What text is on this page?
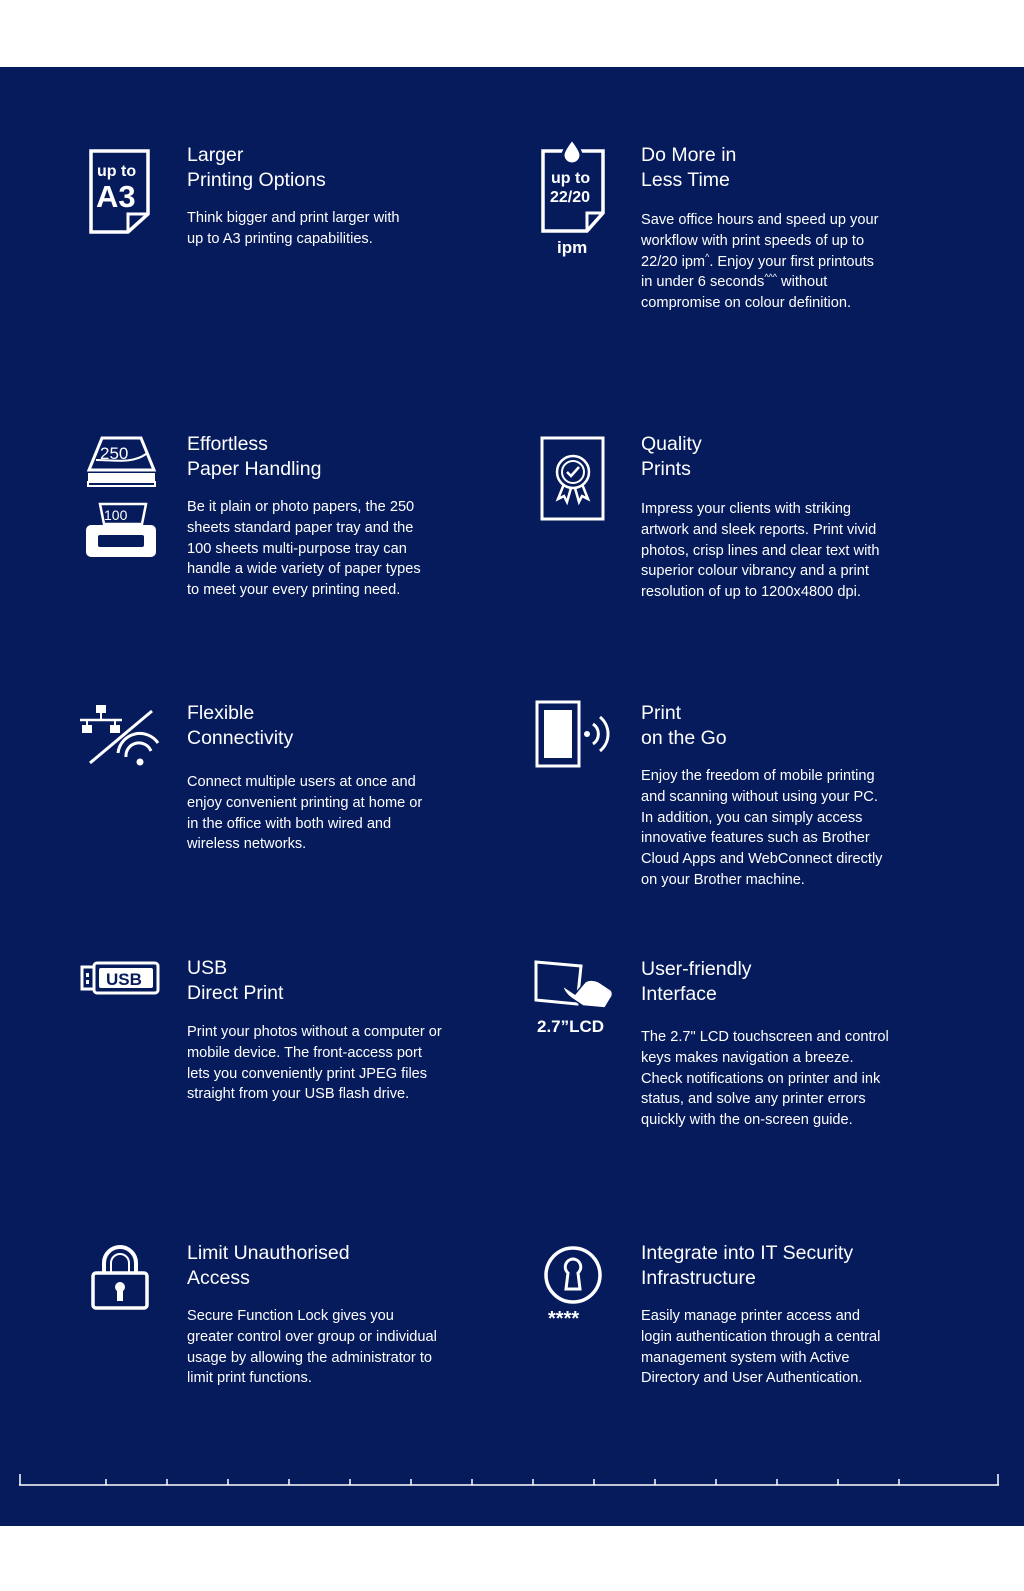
up to
A3
Larger
Printing Options

Think bigger and print larger with
up to A3 printing capabilities.

up to
22/20
ipm
Do More in
Less Time

Save office hours and speed up your
workflow with print speeds of up to
22/20 ipm^. Enjoy your first printouts
in under 6 seconds^^^ without
compromise on colour definition.

250
100
Effortless
Paper Handling

Be it plain or photo papers, the 250
sheets standard paper tray and the
100 sheets multi-purpose tray can
handle a wide variety of paper types
to meet your every printing need.

Quality
Prints

Impress your clients with striking
artwork and sleek reports. Print vivid
photos, crisp lines and clear text with
superior colour vibrancy and a print
resolution of up to 1200x4800 dpi.

Flexible
Connectivity

Connect multiple users at once and
enjoy convenient printing at home or
in the office with both wired and
wireless networks.

Print
on the Go

Enjoy the freedom of mobile printing
and scanning without using your PC.
In addition, you can simply access
innovative features such as Brother
Cloud Apps and WebConnect directly
on your Brother machine.

USB
USB
Direct Print

Print your photos without a computer or
mobile device. The front-access port
lets you conveniently print JPEG files
straight from your USB flash drive.

2.7”LCD
User-friendly
Interface

The 2.7" LCD touchscreen and control
keys makes navigation a breeze.
Check notifications on printer and ink
status, and solve any printer errors
quickly with the on-screen guide.

Limit Unauthorised
Access

Secure Function Lock gives you
greater control over group or individual
usage by allowing the administrator to
limit print functions.

****
Integrate into IT Security
Infrastructure

Easily manage printer access and
login authentication through a central
management system with Active
Directory and User Authentication.
